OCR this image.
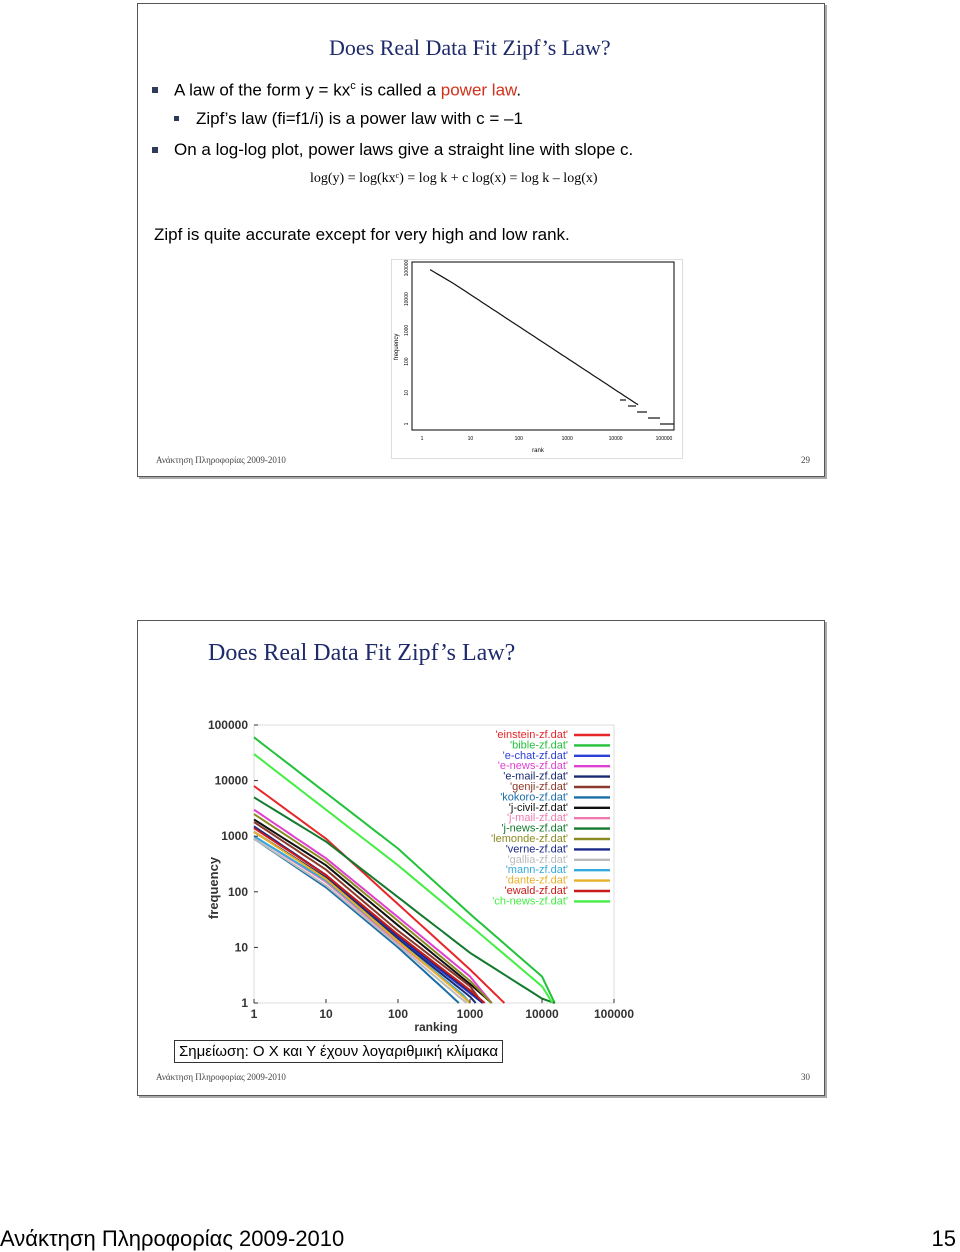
Does Real Data Fit Zipf’s Law?
A law of the form $y = kx^c$ is called a power law.
Zipf’s law (fi=f1/i) is a power law with c = –1
On a log-log plot, power laws give a straight line with slope c.
log(y) = log(kxᶜ) = log k + c log(x) = log k – log(x)
Zipf is quite accurate except for very high and low rank.
1
10
100
1000
10000
100000
1	10	100	1000	10000	100000
frequency
rank
Ανάκτηση Πληροφορίας 2009-2010	29
Does Real Data Fit Zipf’s Law?
1
10
100
1000
10000
100000
1	10	100	1000	10000	100000
'einstein-zf.dat'
'bible-zf.dat'
'e-chat-zf.dat'
'e-news-zf.dat'
'e-mail-zf.dat'
'genji-zf.dat'
'kokoro-zf.dat'
'j-civil-zf.dat'
'j-mail-zf.dat'
'j-news-zf.dat'
'lemonde-zf.dat'
'verne-zf.dat'
'gallia-zf.dat'
'mann-zf.dat'
'dante-zf.dat'
'ewald-zf.dat'
'ch-news-zf.dat'
frequency
ranking
Σημείωση: Ο Χ και Υ έχουν λογαριθμική κλίμακα
Ανάκτηση Πληροφορίας 2009-2010	30
Ανάκτηση Πληροφορίας 2009-2010	15
